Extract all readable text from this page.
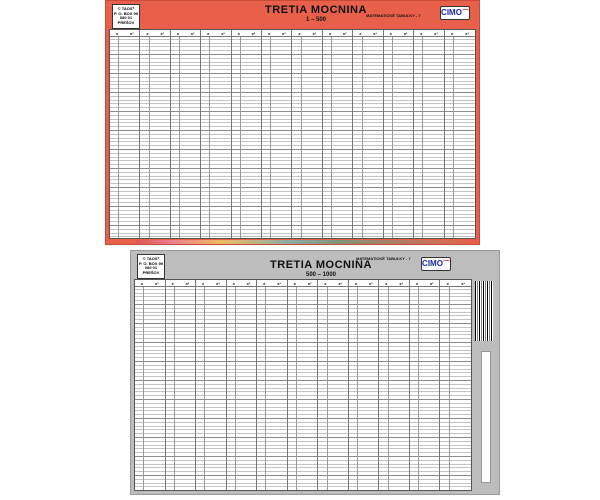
© TAOSᵀ
P. O. BOX 99
080 01 PREŠOV
TRETIA MOCNINA
1 – 500
MATEMATICKÉ TABUĽKY - 7	CIMO⌒
x	x³	x	x³	x	x³	x	x³	x	x³	x	x³	x	x³	x	x³	x	x³	x	x³	x	x³	x	x³
© TAOSᵀ
P. O. BOX 99
080 01 PREŠOV
TRETIA MOCNINA
500 – 1000
MATEMATICKÉ TABUĽKY - 7
CIMO⌒
x	x³	x	x³	x	x³	x	x³	x	x³	x	x³	x	x³	x	x³	x	x³	x	x³	x	x³
